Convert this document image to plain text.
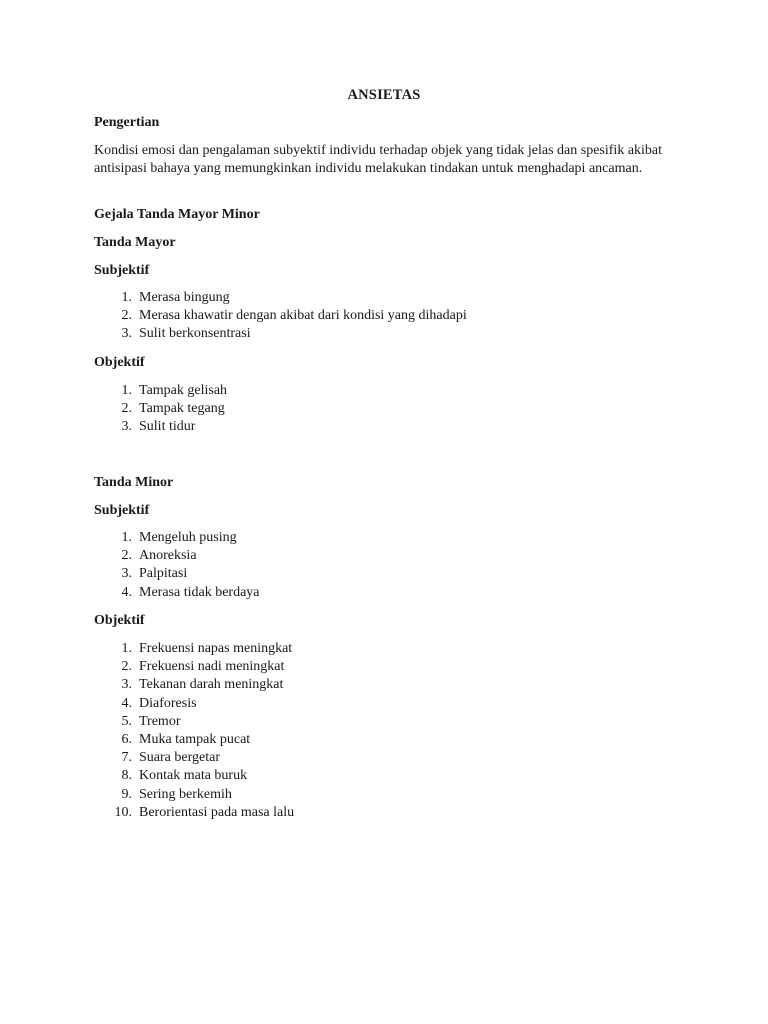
ANSIETAS
Pengertian
Kondisi emosi dan pengalaman subyektif individu terhadap objek yang tidak jelas dan spesifik akibat antisipasi bahaya yang memungkinkan individu melakukan tindakan untuk menghadapi ancaman.
Gejala Tanda Mayor Minor
Tanda Mayor
Subjektif
1. Merasa bingung
2. Merasa khawatir dengan akibat dari kondisi yang dihadapi
3. Sulit berkonsentrasi
Objektif
1. Tampak gelisah
2. Tampak tegang
3. Sulit tidur
Tanda Minor
Subjektif
1. Mengeluh pusing
2. Anoreksia
3. Palpitasi
4. Merasa tidak berdaya
Objektif
1. Frekuensi napas meningkat
2. Frekuensi nadi meningkat
3. Tekanan darah meningkat
4. Diaforesis
5. Tremor
6. Muka tampak pucat
7. Suara bergetar
8. Kontak mata buruk
9. Sering berkemih
10. Berorientasi pada masa lalu
